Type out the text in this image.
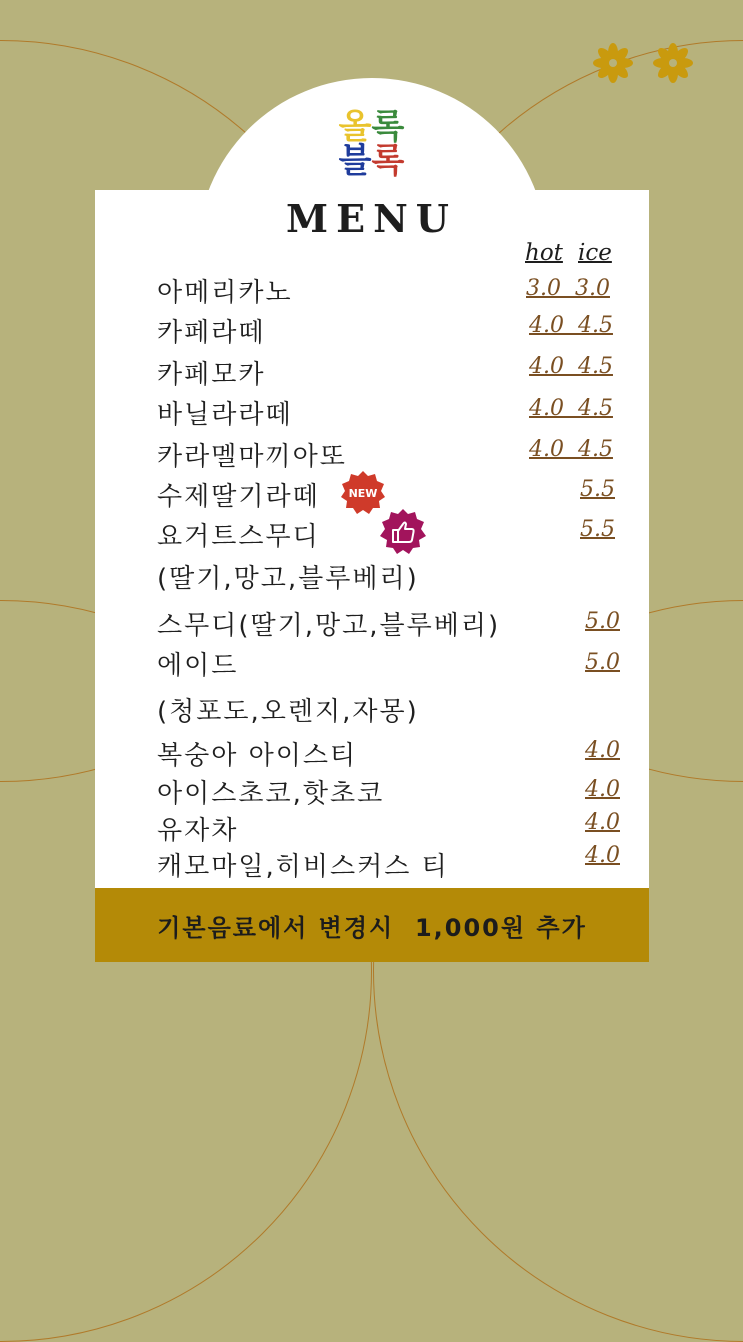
올록
블록
MENU
hot ice
아메리카노	3.0  3.0
카페라떼	4.0  4.5
카페모카	4.0  4.5
바닐라라떼	4.0  4.5
카라멜마끼아또	4.0  4.5
수제딸기라떼	5.5
NEW
요거트스무디	5.5
(딸기,망고,블루베리)
스무디(딸기,망고,블루베리)	5.0
에이드	5.0
(청포도,오렌지,자몽)
복숭아 아이스티	4.0
아이스초코,핫초코	4.0
유자차	4.0
캐모마일,히비스커스 티	4.0
기본음료에서 변경시  1,000원 추가
